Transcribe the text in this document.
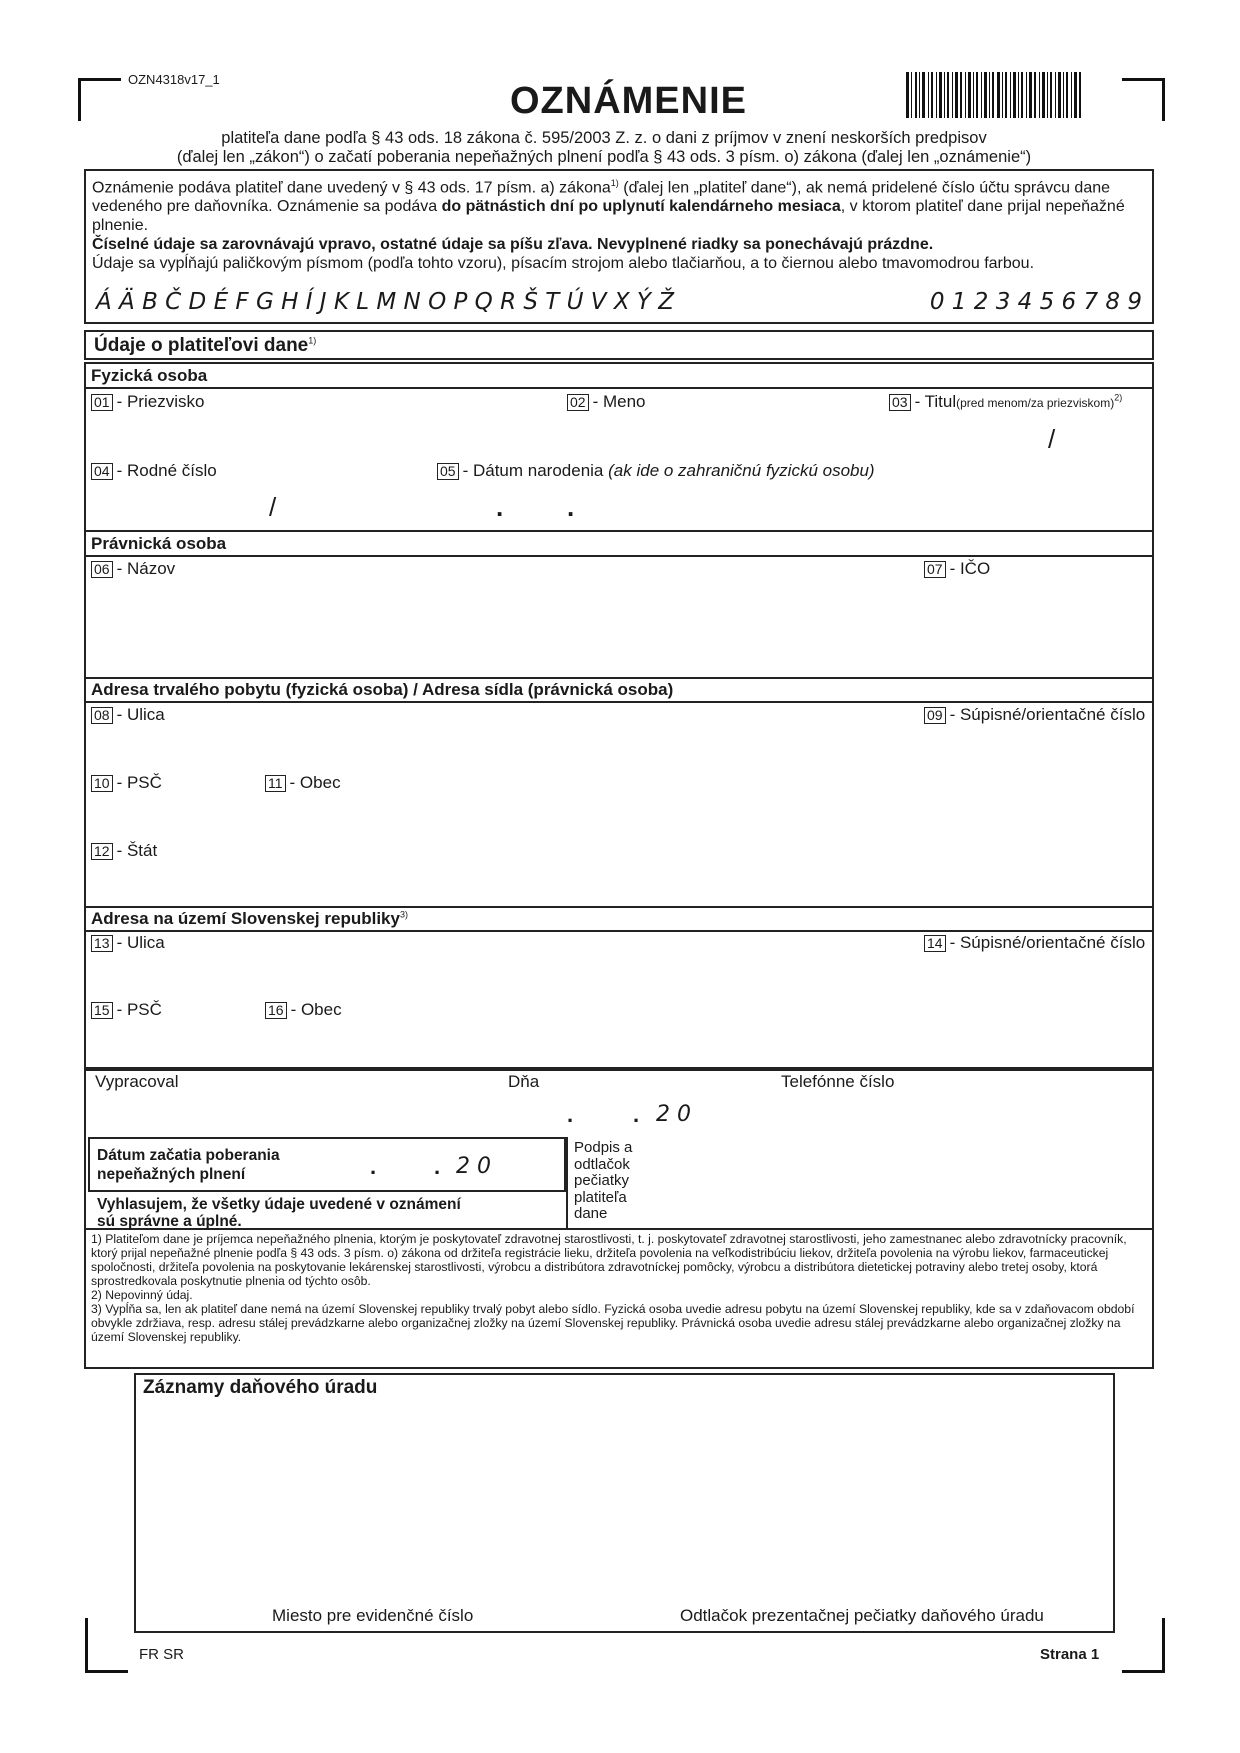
OZN4318v17_1
OZNÁMENIE
platiteľa dane podľa § 43 ods. 18 zákona č. 595/2003 Z. z. o dani z príjmov v znení neskorších predpisov
(ďalej len „zákon“) o začatí poberania nepeňažných plnení podľa § 43 ods. 3 písm. o) zákona (ďalej len „oznámenie“)

Oznámenie podáva platiteľ dane uvedený v § 43 ods. 17 písm. a) zákona$^{1)}$ (ďalej len „platiteľ dane“), ak nemá pridelené číslo účtu správcu dane vedeného pre daňovníka. Oznámenie sa podáva do pätnástich dní po uplynutí kalendárneho mesiaca, v ktorom platiteľ dane prijal nepeňažné plnenie.

Číselné údaje sa zarovnávajú vpravo, ostatné údaje sa píšu zľava. Nevyplnené riadky sa ponechávajú prázdne.

Údaje sa vypĺňajú paličkovým písmom (podľa tohto vzoru), písacím strojom alebo tlačiarňou, a to čiernou alebo tmavomodrou farbou.

Á Ä B Č D É F G H Í J K L M N O P Q R Š T Ú V X Ý Ž	0 1 2 3 4 5 6 7 8 9
Údaje o platiteľovi dane$^{1)}$
Fyzická osoba
01 - Priezvisko	02 - Meno	03 - Titul(pred menom/za priezviskom)$^{2)}$
/
04 - Rodné číslo	05 - Dátum narodenia (ak ide o zahraničnú fyzickú osobu)
/	. .
Právnická osoba
06 - Názov	07 - IČO
Adresa trvalého pobytu (fyzická osoba) / Adresa sídla (právnická osoba)
08 - Ulica	09 - Súpisné/orientačné číslo
10 - PSČ	11 - Obec
12 - Štát
Adresa na území Slovenskej republiky$^{3)}$
13 - Ulica	14 - Súpisné/orientačné číslo
15 - PSČ	16 - Obec
Vypracoval	Dňa	Telefónne číslo
.	. 2 0
Dátum začatia poberania
nepeňažných plnení	.	. 2 0
Vyhlasujem, že všetky údaje uvedené v oznámení
sú správne a úplné.
Podpis a
odtlačok
pečiatky
platiteľa
dane

1) Platiteľom dane je príjemca nepeňažného plnenia, ktorým je poskytovateľ zdravotnej starostlivosti, t. j. poskytovateľ zdravotnej starostlivosti, jeho zamestnanec alebo zdravotnícky pracovník, ktorý prijal nepeňažné plnenie podľa § 43 ods. 3 písm. o) zákona od držiteľa registrácie lieku, držiteľa povolenia na veľkodistribúciu liekov, držiteľa povolenia na výrobu liekov, farmaceutickej spoločnosti, držiteľa povolenia na poskytovanie lekárenskej starostlivosti, výrobcu a distribútora zdravotníckej pomôcky, výrobcu a distribútora dietetickej potraviny alebo tretej osoby, ktorá sprostredkovala poskytnutie plnenia od týchto osôb.

2) Nepovinný údaj.

3) Vypĺňa sa, len ak platiteľ dane nemá na území Slovenskej republiky trvalý pobyt alebo sídlo. Fyzická osoba uvedie adresu pobytu na území Slovenskej republiky, kde sa v zdaňovacom období obvykle zdržiava, resp. adresu stálej prevádzkarne alebo organizačnej zložky na území Slovenskej republiky. Právnická osoba uvedie adresu stálej prevádzkarne alebo organizačnej zložky na území Slovenskej republiky.

Záznamy daňového úradu
Miesto pre evidenčné číslo	Odtlačok prezentačnej pečiatky daňového úradu
FR SR	Strana 1
